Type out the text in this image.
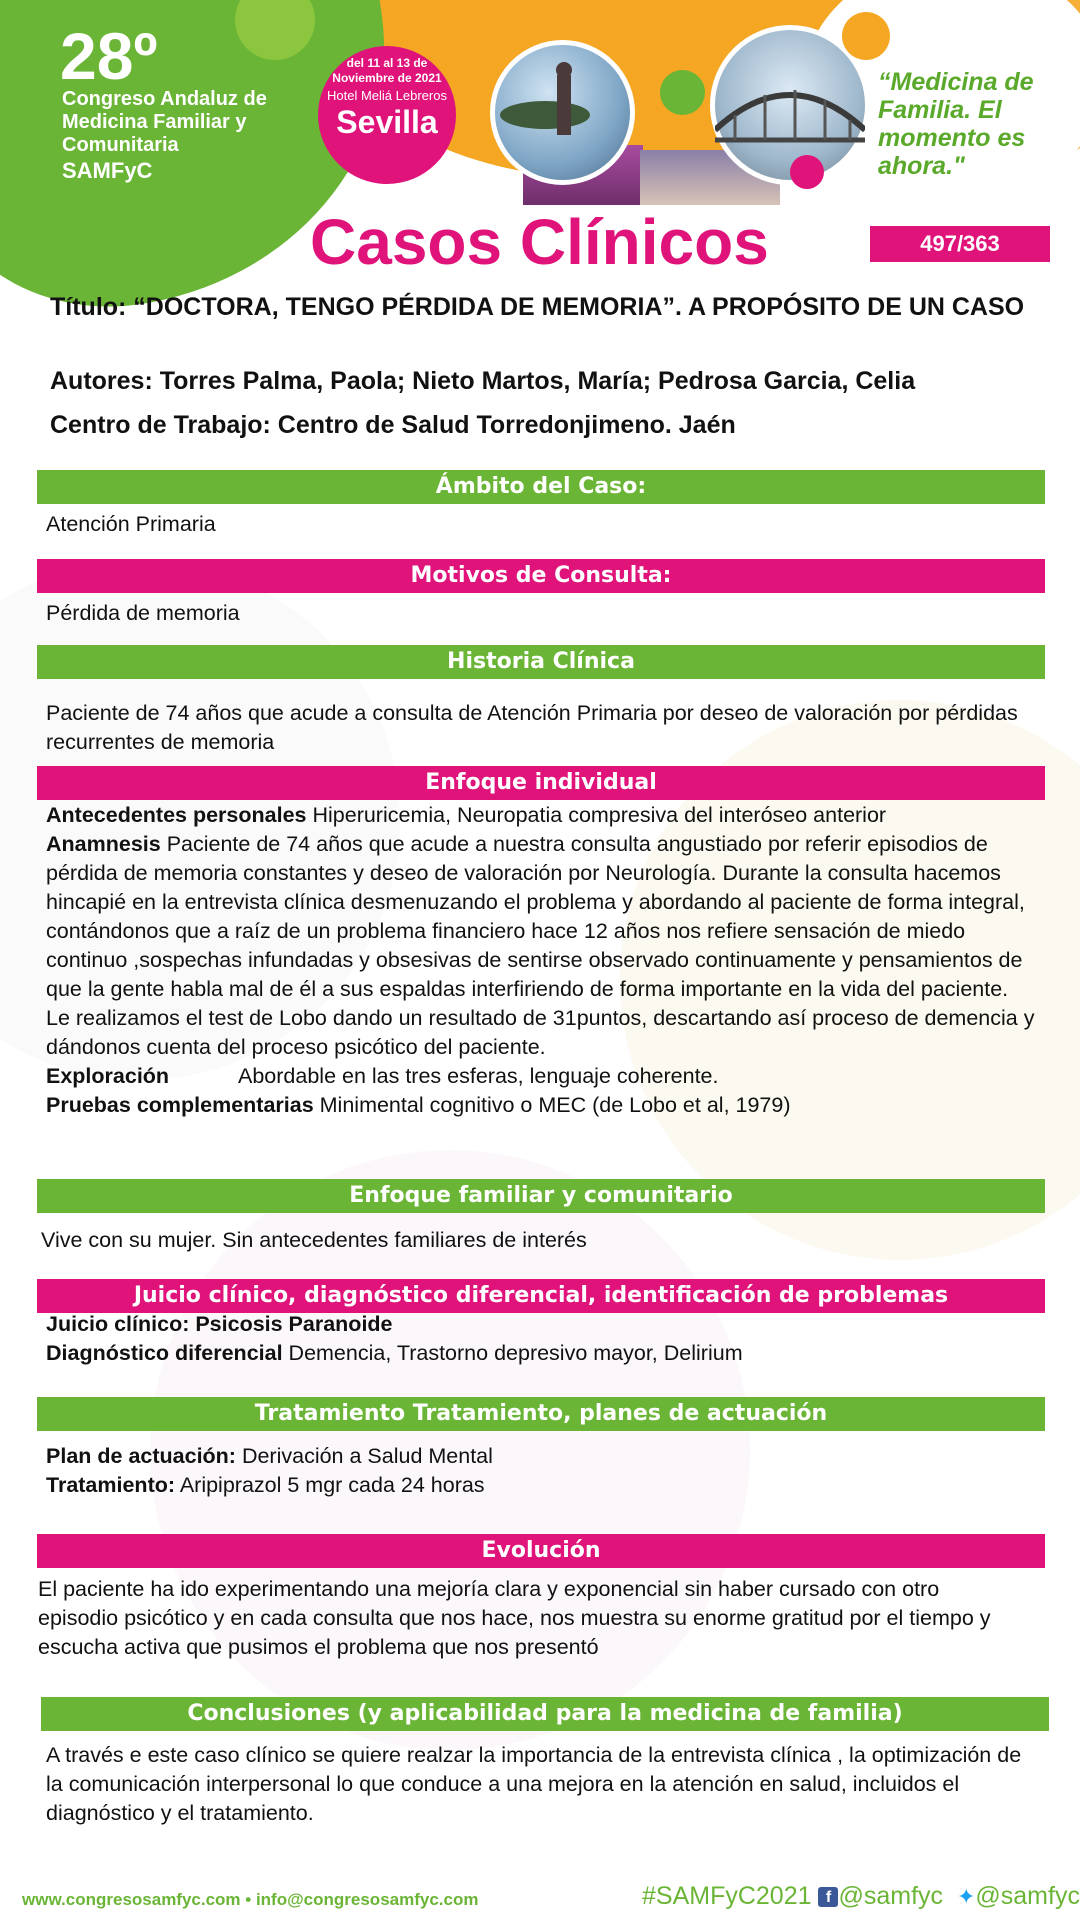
28º
Congreso Andaluz de Medicina Familiar y Comunitaria
SAMFyC
del 11 al 13 de
Noviembre de 2021
Hotel Meliá Lebreros
Sevilla
“Medicina de Familia. El momento es ahora."
Casos Clínicos	497/363
Título: “DOCTORA, TENGO PÉRDIDA DE MEMORIA”. A PROPÓSITO DE UN CASO
Autores: Torres Palma, Paola; Nieto Martos, María; Pedrosa Garcia, Celia
Centro de Trabajo: Centro de Salud Torredonjimeno. Jaén
Ámbito del Caso:
Atención Primaria
Motivos de Consulta:
Pérdida de memoria
Historia Clínica
Paciente de 74 años que acude a consulta de Atención Primaria por deseo de valoración por pérdidas recurrentes de memoria
Enfoque individual
Antecedentes personales Hiperuricemia, Neuropatia compresiva del interóseo anterior
Anamnesis Paciente de 74 años que acude a nuestra consulta angustiado por referir episodios de pérdida de memoria constantes y deseo de valoración por Neurología. Durante la consulta hacemos hincapié en la entrevista clínica desmenuzando el problema y abordando al paciente de forma integral, contándonos que a raíz de un problema financiero hace 12 años nos refiere sensación de miedo continuo ,sospechas infundadas y obsesivas de sentirse observado continuamente y pensamientos de que la gente habla mal de él a sus espaldas interfiriendo de forma importante en la vida del paciente. Le realizamos el test de Lobo dando un resultado de 31puntos, descartando así proceso de demencia y dándonos cuenta del proceso psicótico del paciente.
Exploración	Abordable en las tres esferas, lenguaje coherente.
Pruebas complementarias Minimental cognitivo o MEC (de Lobo et al, 1979)
Enfoque familiar y comunitario
Vive con su mujer. Sin antecedentes familiares de interés
Juicio clínico, diagnóstico diferencial, identificación de problemas
Juicio clínico: Psicosis Paranoide
Diagnóstico diferencial Demencia, Trastorno depresivo mayor, Delirium
Tratamiento Tratamiento, planes de actuación
Plan de actuación: Derivación a Salud Mental
Tratamiento: Aripiprazol 5 mgr cada 24 horas
Evolución
El paciente ha ido experimentando una mejoría clara y exponencial sin haber cursado con otro episodio psicótico y en cada consulta que nos hace, nos muestra su enorme gratitud por el tiempo y escucha activa que pusimos el problema que nos presentó
Conclusiones (y aplicabilidad para la medicina de familia)
A través e este caso clínico se quiere realzar la importancia de la entrevista clínica , la optimización de la comunicación interpersonal lo que conduce a una mejora en la atención en salud, incluidos el diagnóstico y el tratamiento.
www.congresosamfyc.com • info@congresosamfyc.com	#SAMFyC2021 f @samfyc ✦@samfyc
